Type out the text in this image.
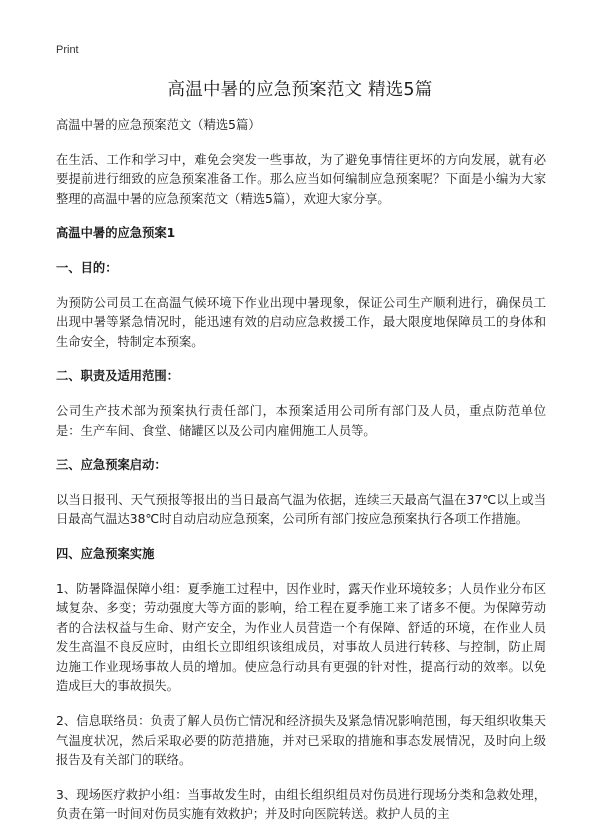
Print
高温中暑的应急预案范文 精选5篇

高温中暑的应急预案范文（精选5篇）

在生活、工作和学习中，难免会突发一些事故，为了避免事情往更坏的方向发展，就有必要提前进行细致的应急预案准备工作。那么应当如何编制应急预案呢？下面是小编为大家整理的高温中暑的应急预案范文（精选5篇），欢迎大家分享。

高温中暑的应急预案1

一、目的：

为预防公司员工在高温气候环境下作业出现中暑现象，保证公司生产顺利进行，确保员工出现中暑等紧急情况时，能迅速有效的启动应急救援工作，最大限度地保障员工的身体和生命安全，特制定本预案。

二、职责及适用范围：

公司生产技术部为预案执行责任部门，本预案适用公司所有部门及人员，重点防范单位是：生产车间、食堂、储罐区以及公司内雇佣施工人员等。

三、应急预案启动：

以当日报刊、天气预报等报出的当日最高气温为依据，连续三天最高气温在37℃以上或当日最高气温达38℃时自动启动应急预案，公司所有部门按应急预案执行各项工作措施。

四、应急预案实施

1、防暑降温保障小组：夏季施工过程中，因作业时，露天作业环境较多；人员作业分布区域复杂、多变；劳动强度大等方面的影响，给工程在夏季施工来了诸多不便。为保障劳动者的合法权益与生命、财产安全，为作业人员营造一个有保障、舒适的环境，在作业人员发生高温不良反应时，由组长立即组织该组成员，对事故人员进行转移、与控制，防止周边施工作业现场事故人员的增加。使应急行动具有更强的针对性，提高行动的效率。以免造成巨大的事故损失。

2、信息联络员：负责了解人员伤亡情况和经济损失及紧急情况影响范围，每天组织收集天气温度状况，然后采取必要的防范措施，并对已采取的措施和事态发展情况，及时向上级报告及有关部门的联络。

3、现场医疗救护小组：当事故发生时，由组长组织组员对伤员进行现场分类和急救处理，负责在第一时间对伤员实施有效救护；并及时向医院转送。救护人员的主
